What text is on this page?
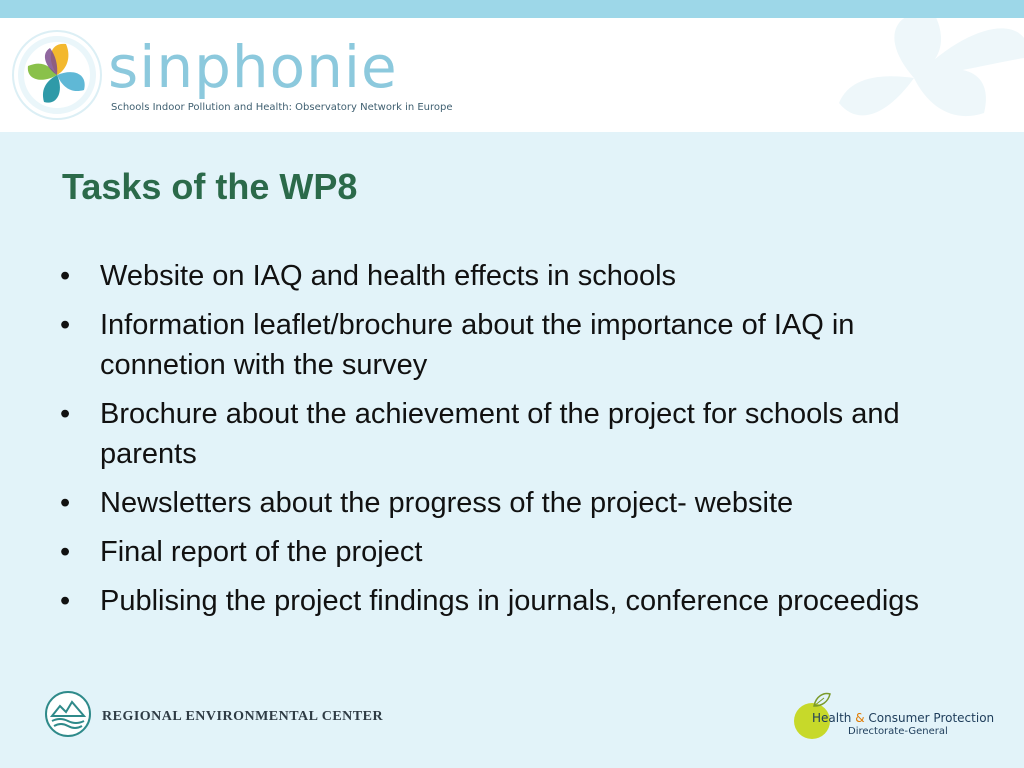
sinphonie
Schools Indoor Pollution and Health: Observatory Network in Europe
Tasks of the WP8
• Website on IAQ and health effects in schools
• Information leaflet/brochure about the importance of IAQ in connetion with the survey
• Brochure about the achievement of the project for schools and parents
• Newsletters about the progress of the project- website
• Final report of the project
• Publising the project findings in journals, conference proceedigs
REGIONAL ENVIRONMENTAL CENTER	Health & Consumer Protection
Directorate-General
